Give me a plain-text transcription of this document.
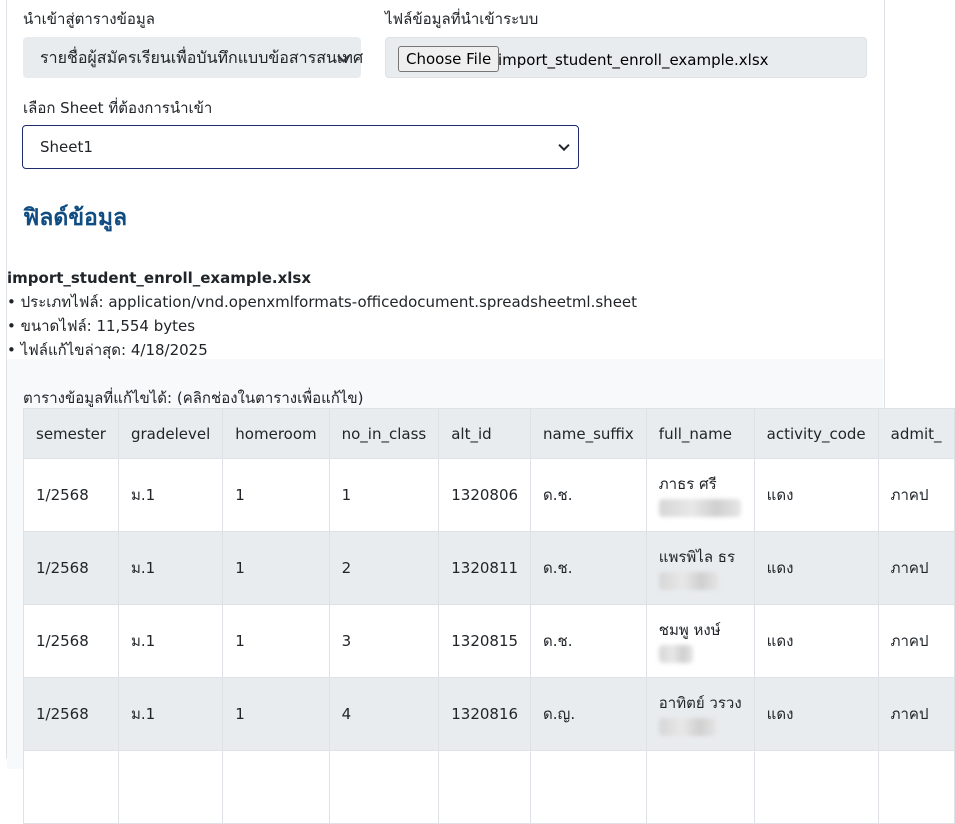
นำเข้าสู่ตารางข้อมูล
รายชื่อผู้สมัครเรียนเพื่อบันทึกแบบข้อสารสนเทศ
ไฟล์ข้อมูลที่นำเข้าระบบ
Choose File import_student_enroll_example.xlsx
เลือก Sheet ที่ต้องการนำเข้า
Sheet1
ฟิลด์ข้อมูล
import_student_enroll_example.xlsx
• ประเภทไฟล์: application/vnd.openxmlformats-officedocument.spreadsheetml.sheet
• ขนาดไฟล์: 11,554 bytes
• ไฟล์แก้ไขล่าสุด: 4/18/2025
ตารางข้อมูลที่แก้ไขได้: (คลิกช่องในตารางเพื่อแก้ไข)
semester	gradelevel	homeroom	no_in_class	alt_id	name_suffix	full_name	activity_code	admit_
1/2568	ม.1	1	1	1320806	ด.ช.	ภาธร ศรี	แดง	ภาคป
1/2568	ม.1	1	2	1320811	ด.ช.	แพรพิไล ธร	แดง	ภาคป
1/2568	ม.1	1	3	1320815	ด.ช.	ชมพู หงษ์	แดง	ภาคป
1/2568	ม.1	1	4	1320816	ด.ญ.	อาทิตย์ วรวง	แดง	ภาคป
